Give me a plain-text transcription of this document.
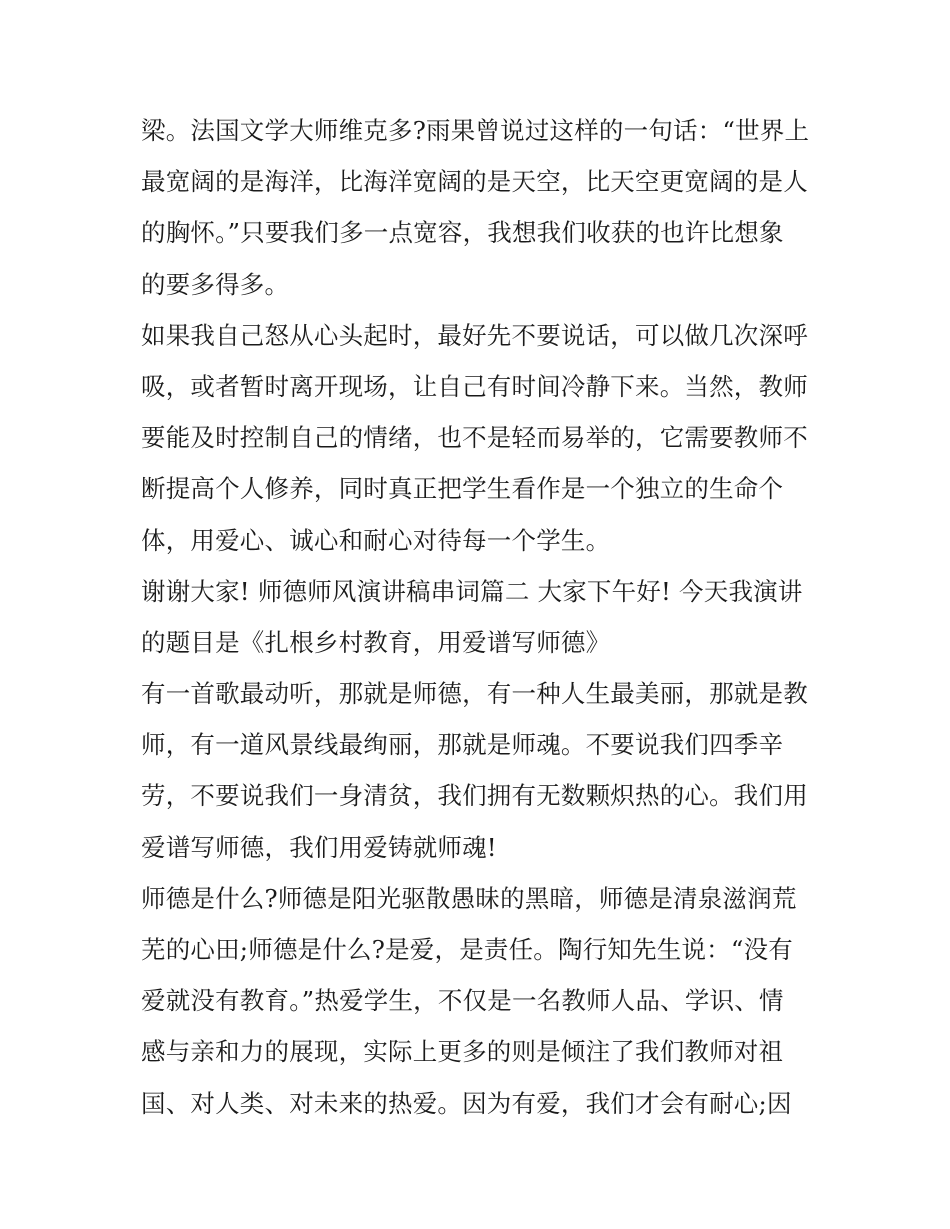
梁。法国文学大师维克多?雨果曾说过这样的一句话：“世界上
最宽阔的是海洋，比海洋宽阔的是天空，比天空更宽阔的是人
的胸怀。”只要我们多一点宽容，我想我们收获的也许比想象
的要多得多。
如果我自己怒从心头起时，最好先不要说话，可以做几次深呼
吸，或者暂时离开现场，让自己有时间冷静下来。当然，教师
要能及时控制自己的情绪，也不是轻而易举的，它需要教师不
断提高个人修养，同时真正把学生看作是一个独立的生命个
体，用爱心、诚心和耐心对待每一个学生。
谢谢大家! 师德师风演讲稿串词篇二 大家下午好! 今天我演讲
的题目是《扎根乡村教育，用爱谱写师德》
有一首歌最动听，那就是师德，有一种人生最美丽，那就是教
师，有一道风景线最绚丽，那就是师魂。不要说我们四季辛
劳，不要说我们一身清贫，我们拥有无数颗炽热的心。我们用
爱谱写师德，我们用爱铸就师魂!
师德是什么?师德是阳光驱散愚昧的黑暗，师德是清泉滋润荒
芜的心田;师德是什么?是爱，是责任。陶行知先生说：“没有
爱就没有教育。”热爱学生，不仅是一名教师人品、学识、情
感与亲和力的展现，实际上更多的则是倾注了我们教师对祖
国、对人类、对未来的热爱。因为有爱，我们才会有耐心;因
